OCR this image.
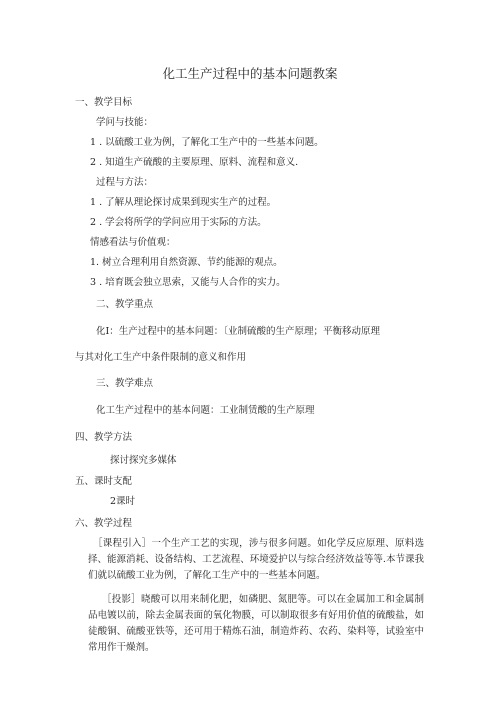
化工生产过程中的基本问题教案
一、教学目标
学问与技能：
1 . 以硫酸工业为例，了解化工生产中的一些基本问题。
2 . 知道生产硫酸的主要原理、原料、流程和意义.
过程与方法：
1 . 了解从理论探讨成果到现实生产的过程。
2 . 学会将所学的学问应用于实际的方法。
情感看法与价值观：
1. 树立合理利用自然资源、节约能源的观点。
3 . 培育既会独立思索，又能与人合作的实力。
二、教学重点
化I：生产过程中的基本问题：〔业制硫酸的生产原理；平衡移动原理
与其对化工生产中条件限制的意义和作用
三、教学难点
化工生产过程中的基本问题：工业制赁酸的生产原理
四、教学方法
探讨探究多媒体
五、课时支配
2课时
六、教学过程
［课程引入］一个生产工艺的实现，涉与很多问题。如化学反应原理、原料选择、能源消耗、设备结构、工艺流程、环境爱护以与综合经济效益等等.本节课我们就以硫酸工业为例，了解化工生产中的一些基本问题。
［投影］晓酸可以用来制化肥，如磷肥、氮肥等。可以在金属加工和金属制品电镀以前，除去金属表面的氧化物膜，可以制取很多有好用价值的硫酸盐，如徒酸铜、硫酸亚铁等，还可用于精炼石油，制造炸药、农药、染料等，试验室中常用作干燥剂。
